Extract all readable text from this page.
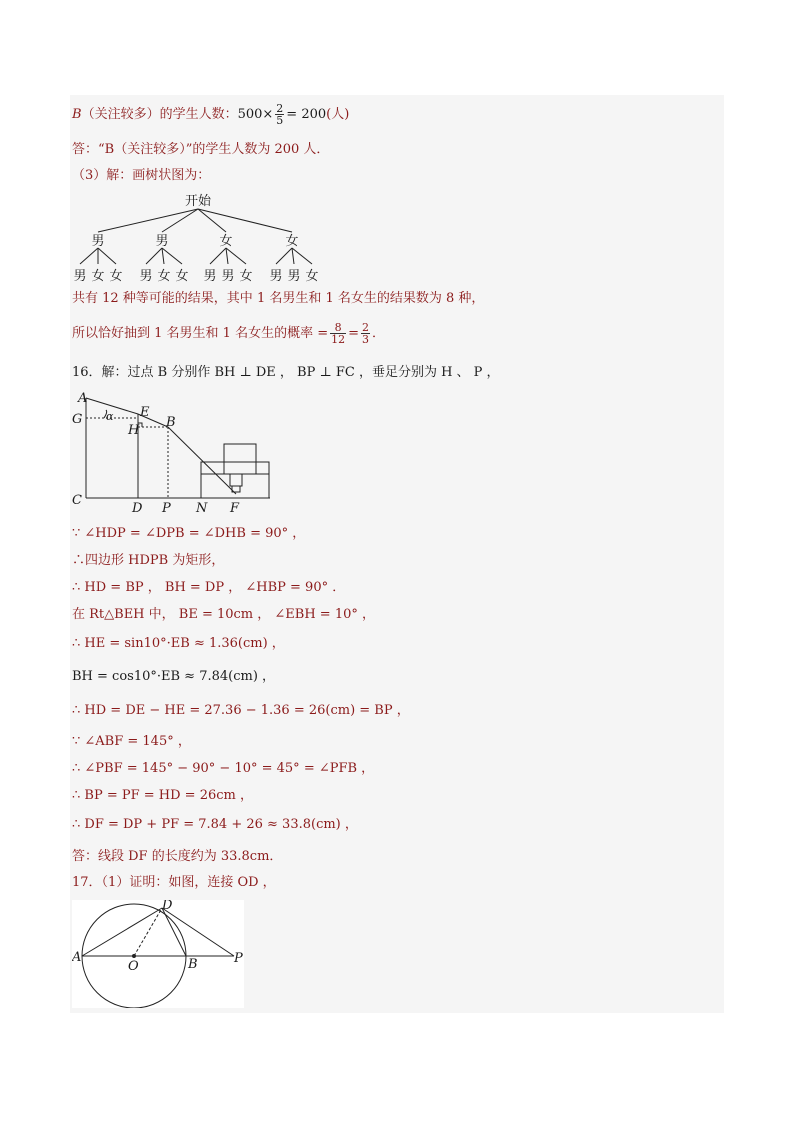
B（关注较多）的学生人数：$500\times \frac{2}{5} = 200$(人)
答：“B（关注较多）”的学生人数为 200 人．
（3）解：画树状图为：
开始
男	男	女	女
男 女 女 男 女 女 男 男 女 男 男 女
共有 12 种等可能的结果，其中 1 名男生和 1 名女生的结果数为 8 种，
所以恰好抽到 1 名男生和 1 名女生的概率 = $\frac{8}{12} = \frac{2}{3}$ ．
16．解：过点 B 分别作 BH ⊥ DE ， BP ⊥ FC ，垂足分别为 H 、 P ，
A
G	E
α
H
B
C
D P N F
∵ ∠HDP = ∠DPB = ∠DHB = 90° ，
∴四边形 HDPB 为矩形，
∴ HD = BP ， BH = DP ， ∠HBP = 90° ．
在 Rt△BEH 中， BE = 10cm ， ∠EBH = 10° ，
∴ HE = sin10°·EB ≈ 1.36(cm) ，
BH = cos10°·EB ≈ 7.84(cm) ，
∴ HD = DE − HE = 27.36 − 1.36 = 26(cm) = BP ，
∵ ∠ABF = 145° ，
∴ ∠PBF = 145° − 90° − 10° = 45° = ∠PFB ，
∴ BP = PF = HD = 26cm ，
∴ DF = DP + PF = 7.84 + 26 ≈ 33.8(cm) ，
答：线段 DF 的长度约为 33.8cm．
17．（1）证明：如图，连接 OD ，
D
A
O	B	P
